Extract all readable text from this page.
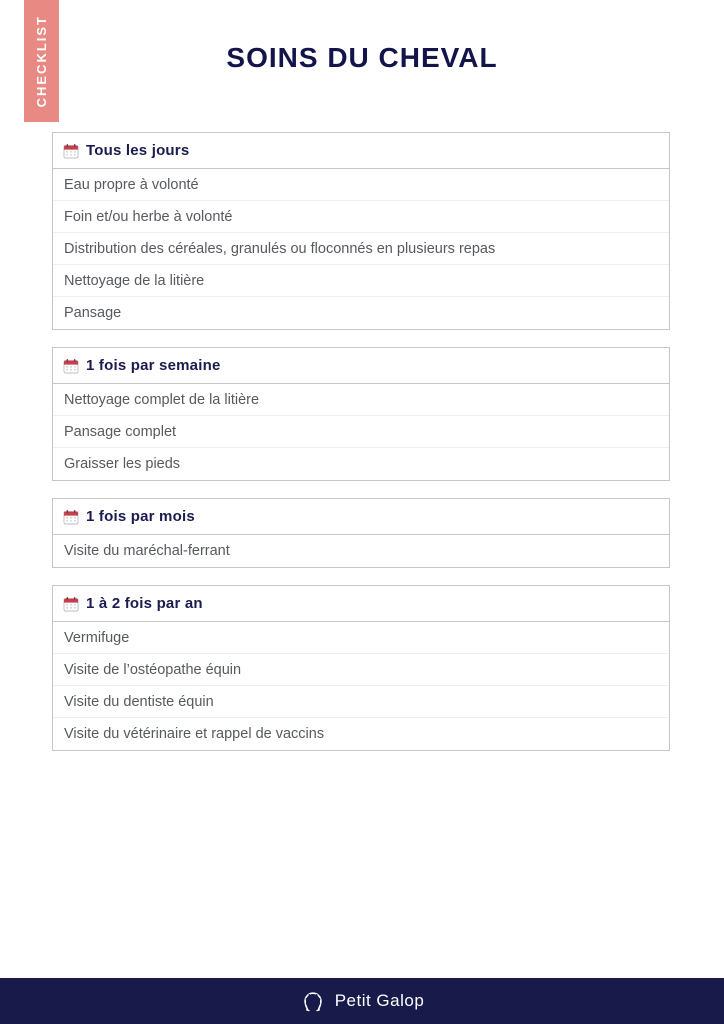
CHECKLIST	SOINS DU CHEVAL
Tous les jours
Eau propre à volonté
Foin et/ou herbe à volonté
Distribution des céréales, granulés ou floconnés en plusieurs repas
Nettoyage de la litière
Pansage
1 fois par semaine
Nettoyage complet de la litière
Pansage complet
Graisser les pieds
1 fois par mois
Visite du maréchal-ferrant
1 à 2 fois par an
Vermifuge
Visite de l’ostéopathe équin
Visite du dentiste équin
Visite du vétérinaire et rappel de vaccins
Petit Galop
